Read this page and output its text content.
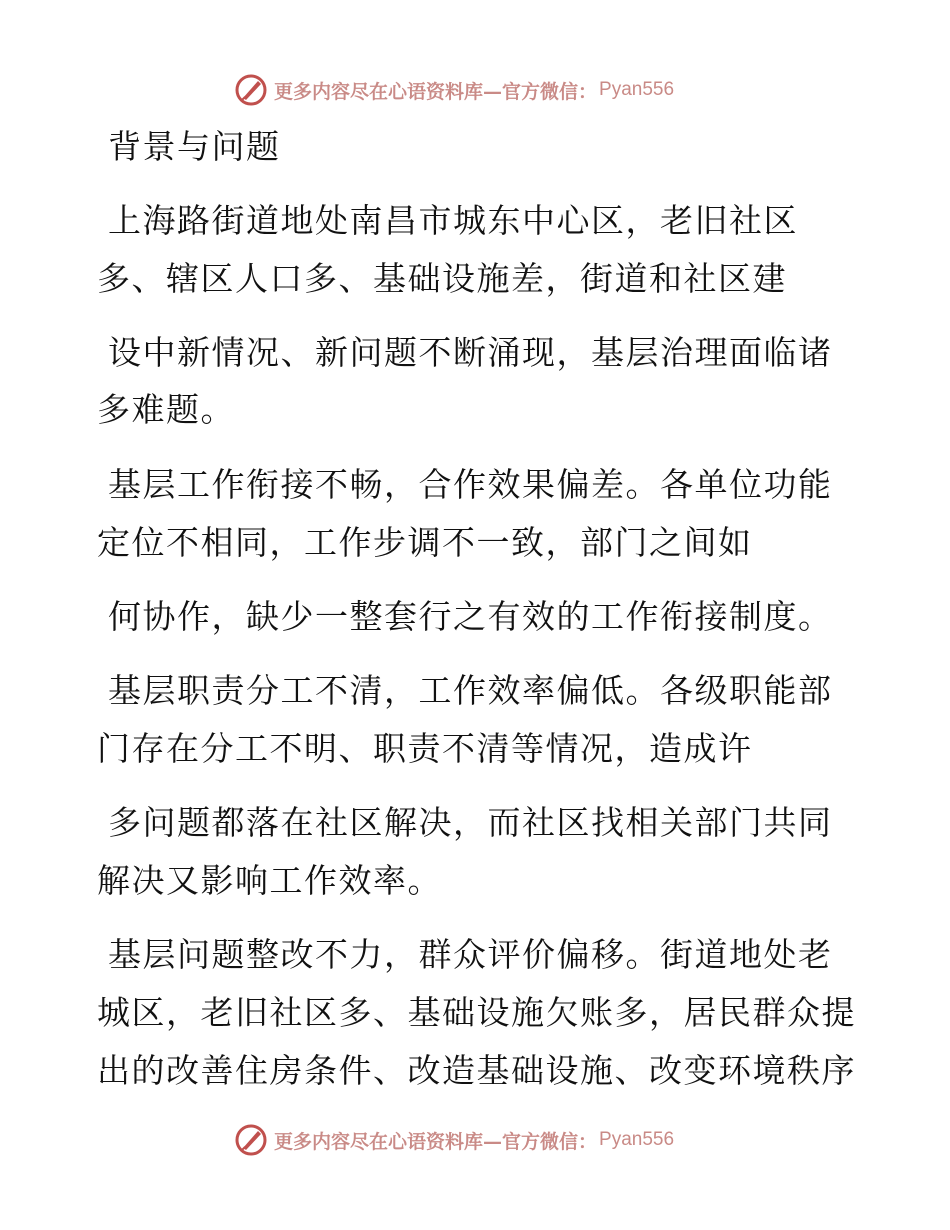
更多内容尽在心语资料库—官方微信： Pyan556
背景与问题
上海路街道地处南昌市城东中心区，老旧社区
多、辖区人口多、基础设施差，街道和社区建
设中新情况、新问题不断涌现，基层治理面临诸
多难题。
基层工作衔接不畅，合作效果偏差。各单位功能
定位不相同，工作步调不一致，部门之间如
何协作，缺少一整套行之有效的工作衔接制度。
基层职责分工不清，工作效率偏低。各级职能部
门存在分工不明、职责不清等情况，造成许
多问题都落在社区解决，而社区找相关部门共同
解决又影响工作效率。
基层问题整改不力，群众评价偏移。街道地处老
城区，老旧社区多、基础设施欠账多，居民群众提
出的改善住房条件、改造基础设施、改变环境秩序
更多内容尽在心语资料库—官方微信： Pyan556
